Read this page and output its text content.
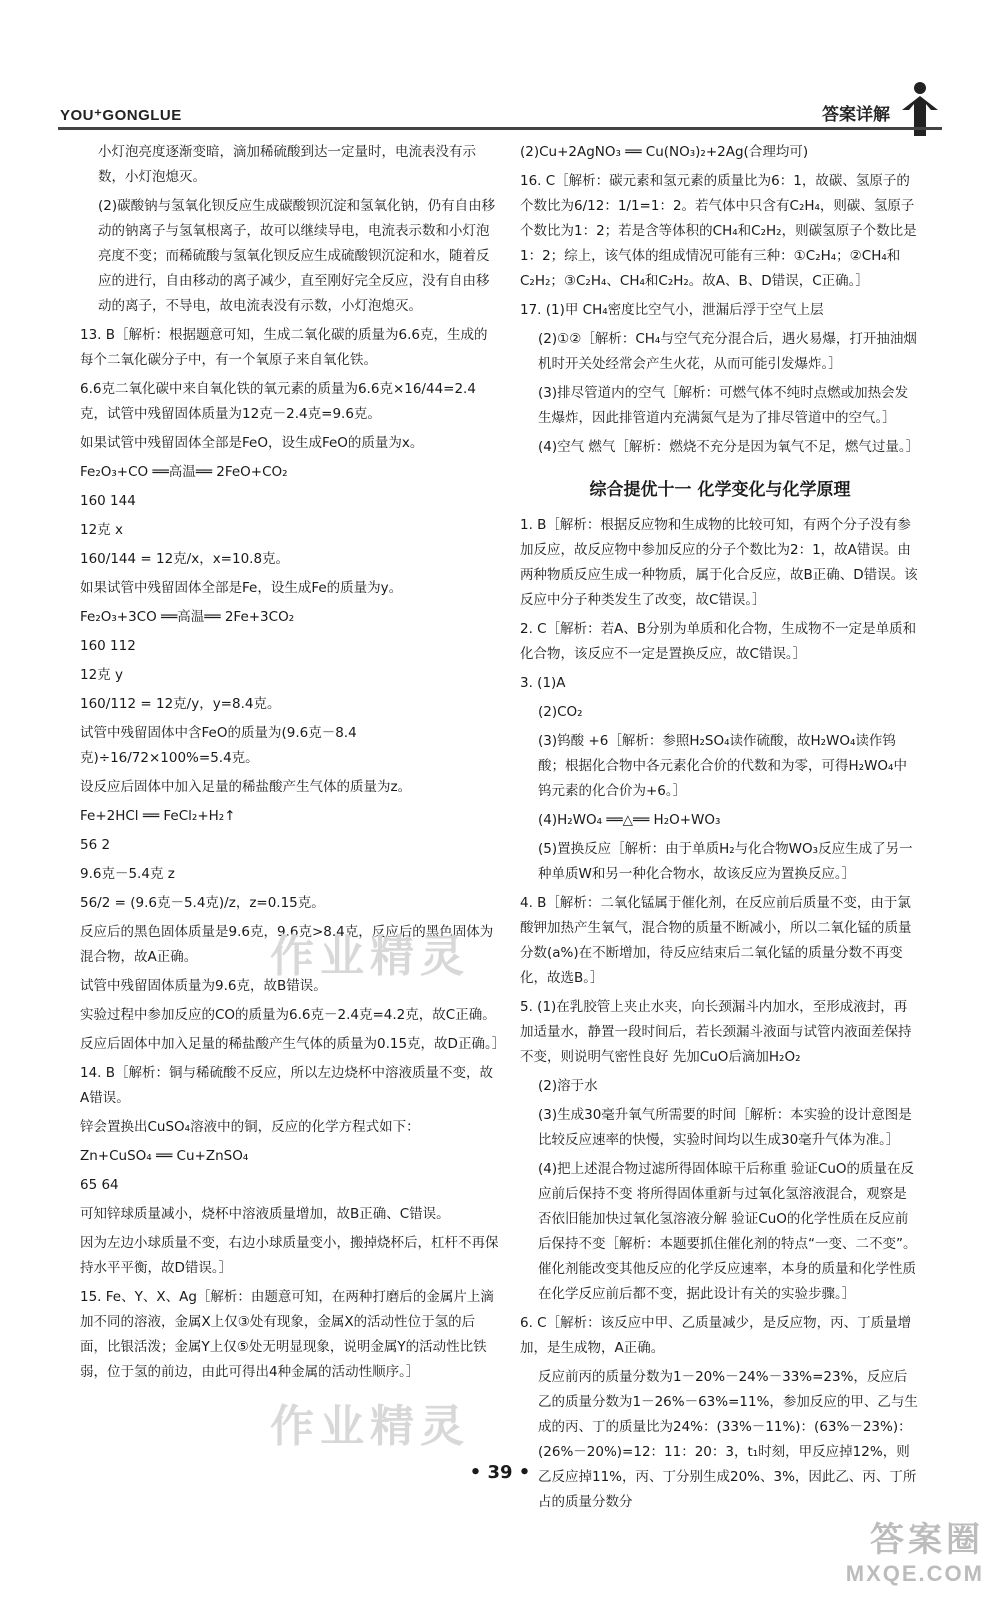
YOU⁺GONGLUE	答案详解

小灯泡亮度逐渐变暗，滴加稀硫酸到达一定量时，电流表没有示数，小灯泡熄灭。

(2)碳酸钠与氢氧化钡反应生成碳酸钡沉淀和氢氧化钠，仍有自由移动的钠离子与氢氧根离子，故可以继续导电，电流表示数和小灯泡亮度不变；而稀硫酸与氢氧化钡反应生成硫酸钡沉淀和水，随着反应的进行，自由移动的离子减少，直至刚好完全反应，没有自由移动的离子，不导电，故电流表没有示数，小灯泡熄灭。

13. B［解析：根据题意可知，生成二氧化碳的质量为6.6克，生成的每个二氧化碳分子中，有一个氧原子来自氧化铁。

6.6克二氧化碳中来自氧化铁的氧元素的质量为6.6克×16/44=2.4克，试管中残留固体质量为12克－2.4克=9.6克。

如果试管中残留固体全部是FeO，设生成FeO的质量为x。

Fe₂O₃+CO ══高温══ 2FeO+CO₂

160 144

12克 x

160/144 = 12克/x，x=10.8克。

如果试管中残留固体全部是Fe，设生成Fe的质量为y。

Fe₂O₃+3CO ══高温══ 2Fe+3CO₂

160 112

12克 y

160/112 = 12克/y，y=8.4克。

试管中残留固体中含FeO的质量为(9.6克－8.4克)÷16/72×100%=5.4克。

设反应后固体中加入足量的稀盐酸产生气体的质量为z。

Fe+2HCl ══ FeCl₂+H₂↑

56 2

9.6克－5.4克 z

56/2 = (9.6克－5.4克)/z，z=0.15克。

反应后的黑色固体质量是9.6克，9.6克>8.4克，反应后的黑色固体为混合物，故A正确。

试管中残留固体质量为9.6克，故B错误。

实验过程中参加反应的CO的质量为6.6克－2.4克=4.2克，故C正确。

反应后固体中加入足量的稀盐酸产生气体的质量为0.15克，故D正确。］

14. B［解析：铜与稀硫酸不反应，所以左边烧杯中溶液质量不变，故A错误。

锌会置换出CuSO₄溶液中的铜，反应的化学方程式如下：

Zn+CuSO₄ ══ Cu+ZnSO₄

65 64

可知锌球质量减小，烧杯中溶液质量增加，故B正确、C错误。

因为左边小球质量不变，右边小球质量变小，搬掉烧杯后，杠杆不再保持水平平衡，故D错误。］

15. Fe、Y、X、Ag［解析：由题意可知，在两种打磨后的金属片上滴加不同的溶液，金属X上仅③处有现象，金属X的活动性位于氢的后面，比银活泼；金属Y上仅⑤处无明显现象，说明金属Y的活动性比铁弱，位于氢的前边，由此可得出4种金属的活动性顺序。］

(2)Cu+2AgNO₃ ══ Cu(NO₃)₂+2Ag(合理均可)

16. C［解析：碳元素和氢元素的质量比为6：1，故碳、氢原子的个数比为6/12：1/1=1：2。若气体中只含有C₂H₄，则碳、氢原子个数比为1：2；若是含等体积的CH₄和C₂H₂，则碳氢原子个数比是1：2；综上，该气体的组成情况可能有三种：①C₂H₄；②CH₄和C₂H₂；③C₂H₄、CH₄和C₂H₂。故A、B、D错误，C正确。］

17. (1)甲 CH₄密度比空气小，泄漏后浮于空气上层

(2)①②［解析：CH₄与空气充分混合后，遇火易爆，打开抽油烟机时开关处经常会产生火花，从而可能引发爆炸。］

(3)排尽管道内的空气［解析：可燃气体不纯时点燃或加热会发生爆炸，因此排管道内充满氮气是为了排尽管道中的空气。］

(4)空气 燃气［解析：燃烧不充分是因为氧气不足，燃气过量。］

综合提优十一 化学变化与化学原理

1. B［解析：根据反应物和生成物的比较可知，有两个分子没有参加反应，故反应物中参加反应的分子个数比为2：1，故A错误。由两种物质反应生成一种物质，属于化合反应，故B正确、D错误。该反应中分子种类发生了改变，故C错误。］

2. C［解析：若A、B分别为单质和化合物，生成物不一定是单质和化合物，该反应不一定是置换反应，故C错误。］

3. (1)A

(2)CO₂

(3)钨酸 +6［解析：参照H₂SO₄读作硫酸，故H₂WO₄读作钨酸；根据化合物中各元素化合价的代数和为零，可得H₂WO₄中钨元素的化合价为+6。］

(4)H₂WO₄ ══△══ H₂O+WO₃

(5)置换反应［解析：由于单质H₂与化合物WO₃反应生成了另一种单质W和另一种化合物水，故该反应为置换反应。］

4. B［解析：二氧化锰属于催化剂，在反应前后质量不变，由于氯酸钾加热产生氧气，混合物的质量不断减小，所以二氧化锰的质量分数(a%)在不断增加，待反应结束后二氧化锰的质量分数不再变化，故选B。］

5. (1)在乳胶管上夹止水夹，向长颈漏斗内加水，至形成液封，再加适量水，静置一段时间后，若长颈漏斗液面与试管内液面差保持不变，则说明气密性良好 先加CuO后滴加H₂O₂

(2)溶于水

(3)生成30毫升氧气所需要的时间［解析：本实验的设计意图是比较反应速率的快慢，实验时间均以生成30毫升气体为准。］

(4)把上述混合物过滤所得固体晾干后称重 验证CuO的质量在反应前后保持不变 将所得固体重新与过氧化氢溶液混合，观察是否依旧能加快过氧化氢溶液分解 验证CuO的化学性质在反应前后保持不变［解析：本题要抓住催化剂的特点“一变、二不变”。催化剂能改变其他反应的化学反应速率，本身的质量和化学性质在化学反应前后都不变，据此设计有关的实验步骤。］

6. C［解析：该反应中甲、乙质量减少，是反应物，丙、丁质量增加，是生成物，A正确。

反应前丙的质量分数为1－20%－24%－33%=23%，反应后乙的质量分数为1－26%－63%=11%，参加反应的甲、乙与生成的丙、丁的质量比为24%：(33%－11%)：(63%－23%)：(26%－20%)=12：11：20：3，t₁时刻，甲反应掉12%，则乙反应掉11%，丙、丁分别生成20%、3%，因此乙、丙、丁所占的质量分数分

• 39 •
作业精灵
作业精灵
答案圈
MXQE.COM
